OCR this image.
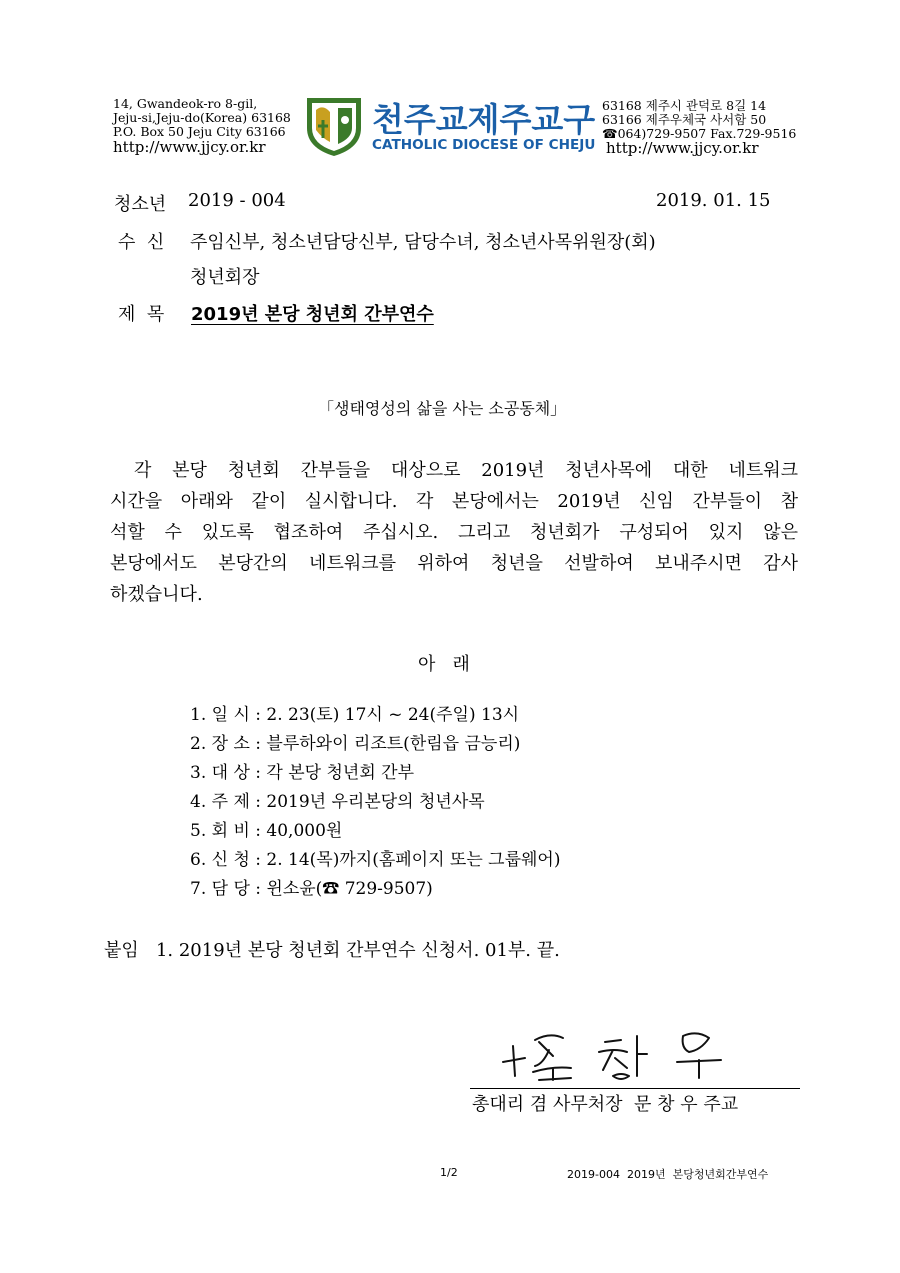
14, Gwandeok-ro 8-gil,
Jeju-si,Jeju-do(Korea) 63168
P.O. Box 50 Jeju City 63166
http://www.jjcy.or.kr
천주교제주교구
CATHOLIC DIOCESE OF CHEJU
63168 제주시 관덕로 8길 14
63166 제주우체국 사서함 50
☎064)729-9507 Fax.729-9516
http://www.jjcy.or.kr
청소년 2019 - 004	2019. 01. 15
수  신 주임신부, 청소년담당신부, 담당수녀, 청소년사목위원장(회)
청년회장
제  목 2019년 본당 청년회 간부연수
「생태영성의 삶을 사는 소공동체」
각 본당 청년회 간부들을 대상으로 2019년 청년사목에 대한 네트워크
시간을 아래와 같이 실시합니다. 각 본당에서는 2019년 신임 간부들이 참
석할 수 있도록 협조하여 주십시오. 그리고 청년회가 구성되어 있지 않은
본당에서도 본당간의 네트워크를 위하여 청년을 선발하여 보내주시면 감사
하겠습니다.
아   래
1. 일 시 : 2. 23(토) 17시 ~ 24(주일) 13시
2. 장 소 : 블루하와이 리조트(한림읍 금능리)
3. 대 상 : 각 본당 청년회 간부
4. 주 제 : 2019년 우리본당의 청년사목
5. 회 비 : 40,000원
6. 신 청 : 2. 14(목)까지(홈페이지 또는 그룹웨어)
7. 담 당 : 윈소윤(☎ 729-9507)
붙임   1. 2019년 본당 청년회 간부연수 신청서. 01부. 끝.
총대리 겸 사무처장  문 창 우 주교
1/2	2019-004  2019년  본당청년회간부연수
